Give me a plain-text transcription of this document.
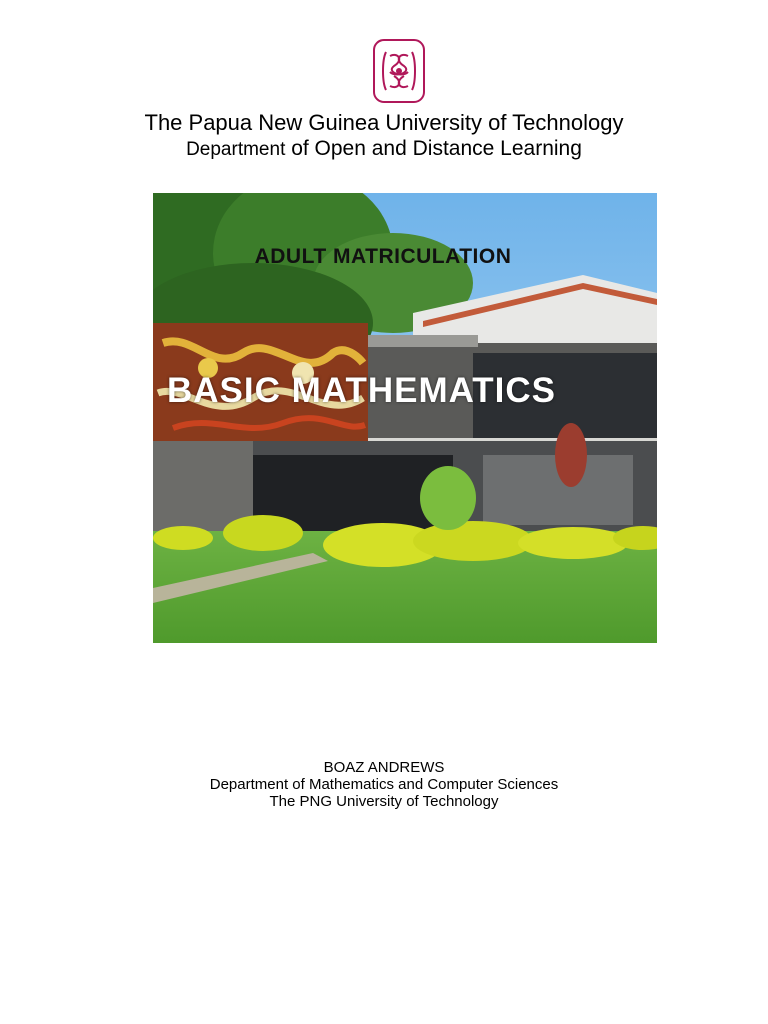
The Papua New Guinea University of Technology
Department of Open and Distance Learning
BASIC MATHEMATICS
ADULT MATRICULATION
BOAZ ANDREWS
Department of Mathematics and Computer Sciences
The PNG University of Technology
